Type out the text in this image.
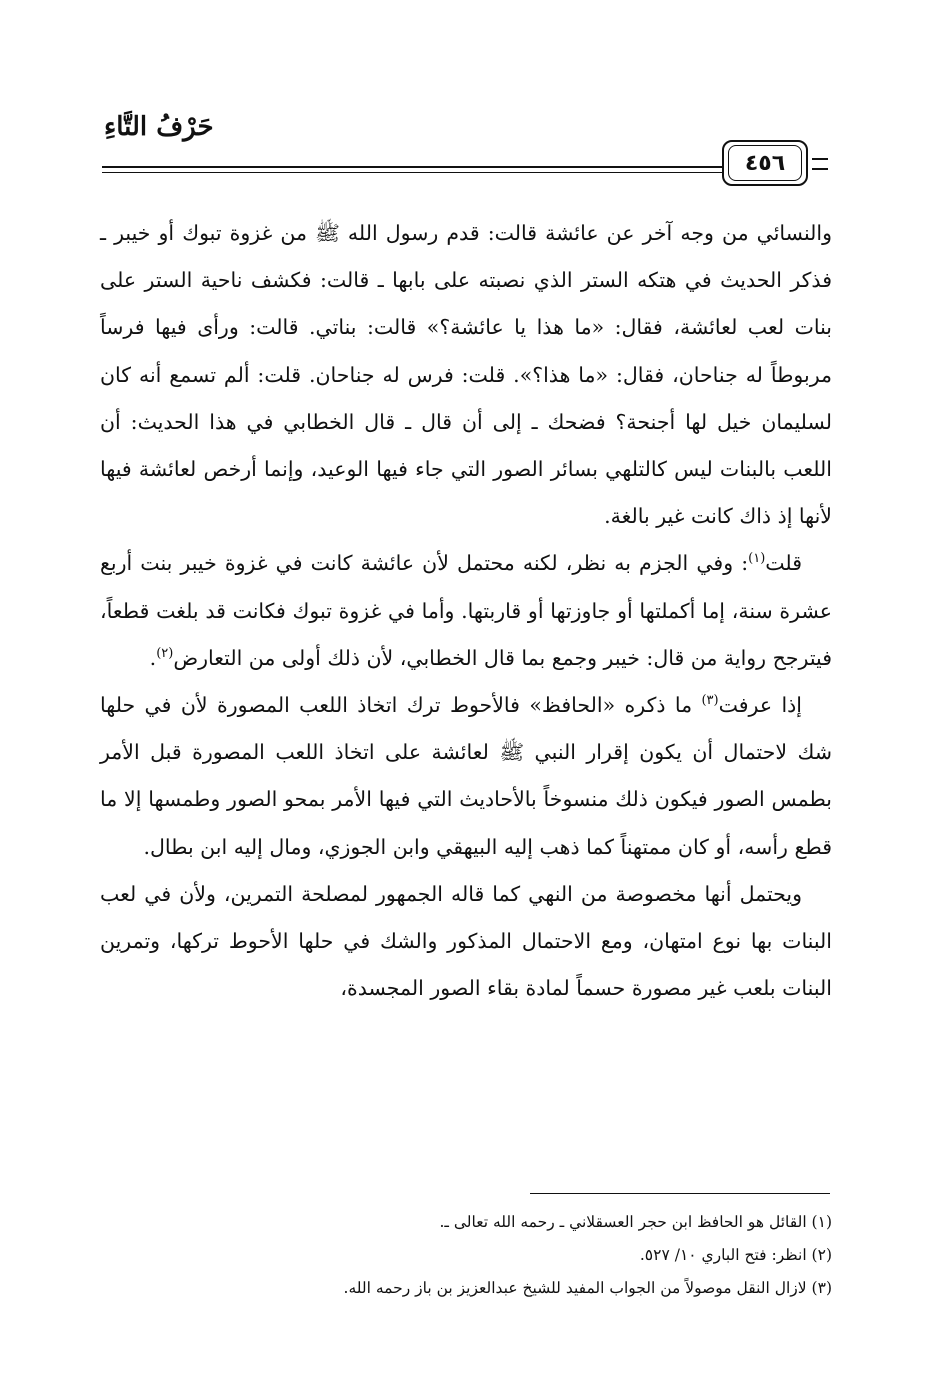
حَرْفُ التَّاءِ
٤٥٦

والنسائي من وجه آخر عن عائشة قالت: قدم رسول الله ﷺ من غزوة تبوك أو خيبر ـ فذكر الحديث في هتكه الستر الذي نصبته على بابها ـ قالت: فكشف ناحية الستر على بنات لعب لعائشة، فقال: «ما هذا يا عائشة؟» قالت: بناتي. قالت: ورأى فيها فرساً مربوطاً له جناحان، فقال: «ما هذا؟». قلت: فرس له جناحان. قلت: ألم تسمع أنه كان لسليمان خيل لها أجنحة؟ فضحك ـ إلى أن قال ـ قال الخطابي في هذا الحديث: أن اللعب بالبنات ليس كالتلهي بسائر الصور التي جاء فيها الوعيد، وإنما أرخص لعائشة فيها لأنها إذ ذاك كانت غير بالغة.

قلت$^{(١)}$: وفي الجزم به نظر، لكنه محتمل لأن عائشة كانت في غزوة خيبر بنت أربع عشرة سنة، إما أكملتها أو جاوزتها أو قاربتها. وأما في غزوة تبوك فكانت قد بلغت قطعاً، فيترجح رواية من قال: خيبر وجمع بما قال الخطابي، لأن ذلك أولى من التعارض$^{(٢)}$.

إذا عرفت$^{(٣)}$ ما ذكره «الحافظ» فالأحوط ترك اتخاذ اللعب المصورة لأن في حلها شك لاحتمال أن يكون إقرار النبي ﷺ لعائشة على اتخاذ اللعب المصورة قبل الأمر بطمس الصور فيكون ذلك منسوخاً بالأحاديث التي فيها الأمر بمحو الصور وطمسها إلا ما قطع رأسه، أو كان ممتهناً كما ذهب إليه البيهقي وابن الجوزي، ومال إليه ابن بطال.

ويحتمل أنها مخصوصة من النهي كما قاله الجمهور لمصلحة التمرين، ولأن في لعب البنات بها نوع امتهان، ومع الاحتمال المذكور والشك في حلها الأحوط تركها، وتمرين البنات بلعب غير مصورة حسماً لمادة بقاء الصور المجسدة،

(١) القائل هو الحافظ ابن حجر العسقلاني ـ رحمه الله تعالى ـ.
(٢) انظر: فتح الباري ١٠/ ٥٢٧.
(٣) لازال النقل موصولاً من الجواب المفيد للشيخ عبدالعزيز بن باز رحمه الله.
